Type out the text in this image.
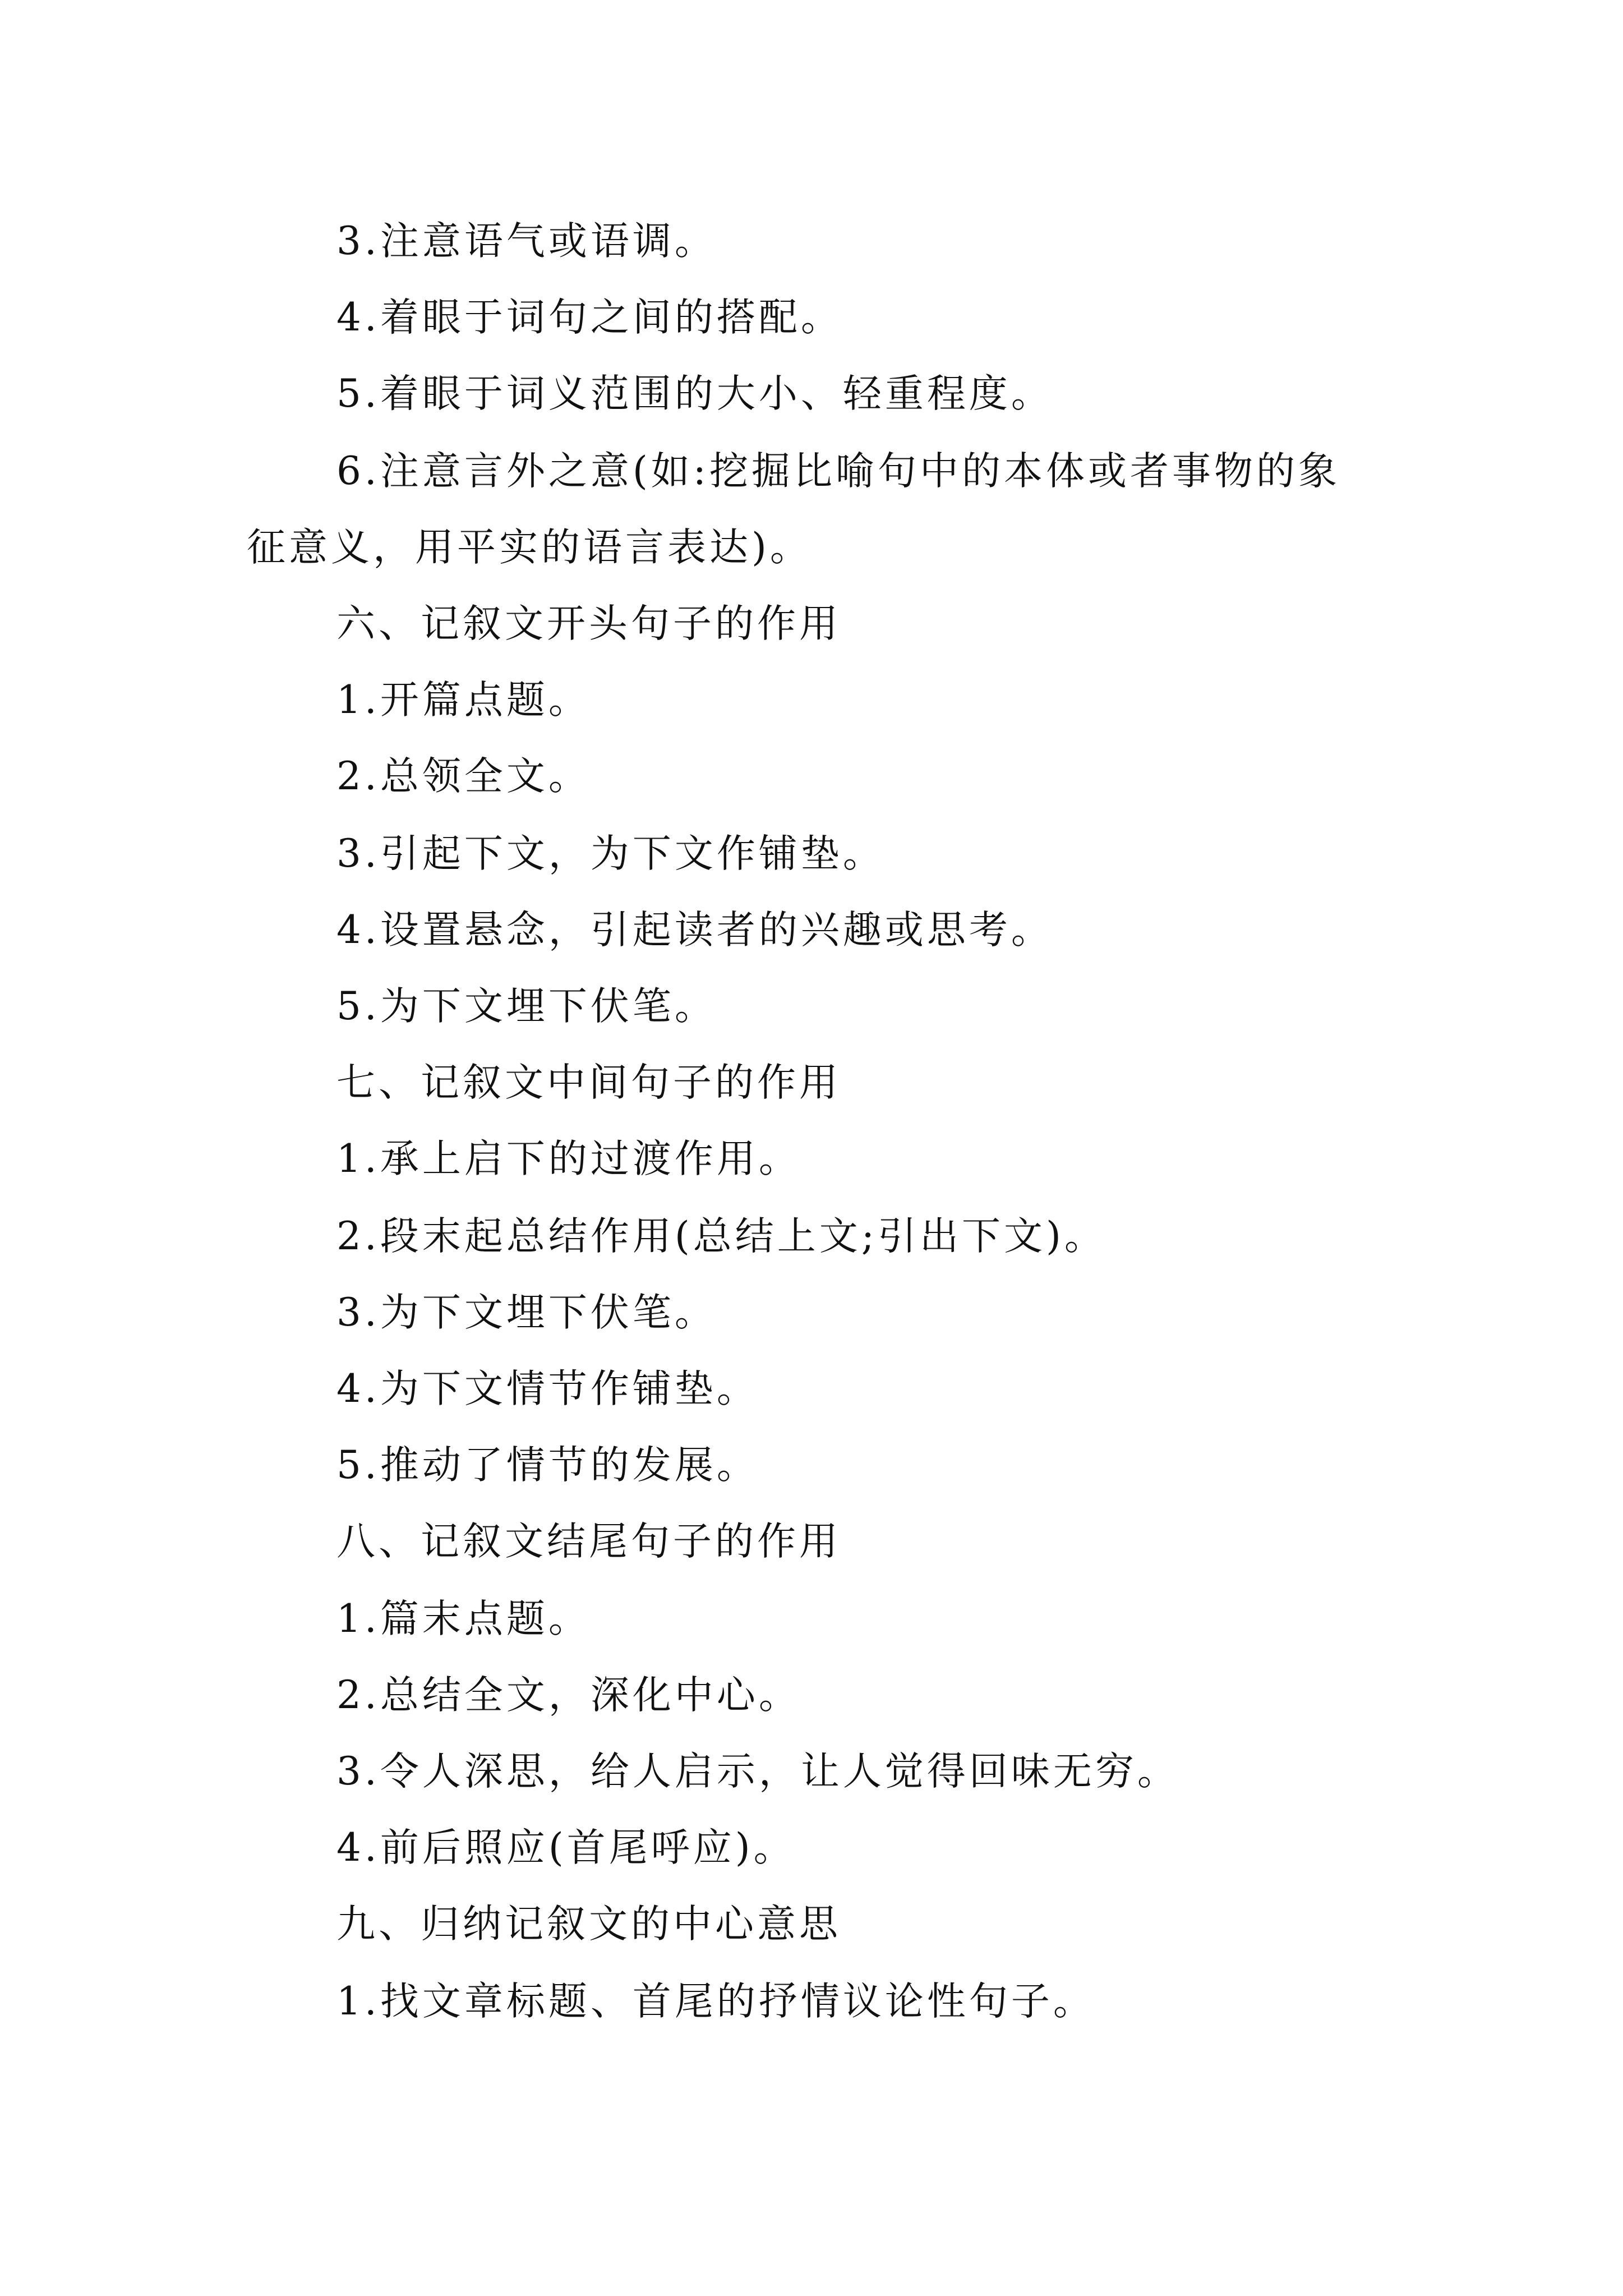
3.注意语气或语调。
4.着眼于词句之间的搭配。
5.着眼于词义范围的大小、轻重程度。
6.注意言外之意(如:挖掘比喻句中的本体或者事物的象
征意义，用平实的语言表达)。
六、记叙文开头句子的作用
1.开篇点题。
2.总领全文。
3.引起下文，为下文作铺垫。
4.设置悬念，引起读者的兴趣或思考。
5.为下文埋下伏笔。
七、记叙文中间句子的作用
1.承上启下的过渡作用。
2.段末起总结作用(总结上文;引出下文)。
3.为下文埋下伏笔。
4.为下文情节作铺垫。
5.推动了情节的发展。
八、记叙文结尾句子的作用
1.篇末点题。
2.总结全文，深化中心。
3.令人深思，给人启示，让人觉得回味无穷。
4.前后照应(首尾呼应)。
九、归纳记叙文的中心意思
1.找文章标题、首尾的抒情议论性句子。
